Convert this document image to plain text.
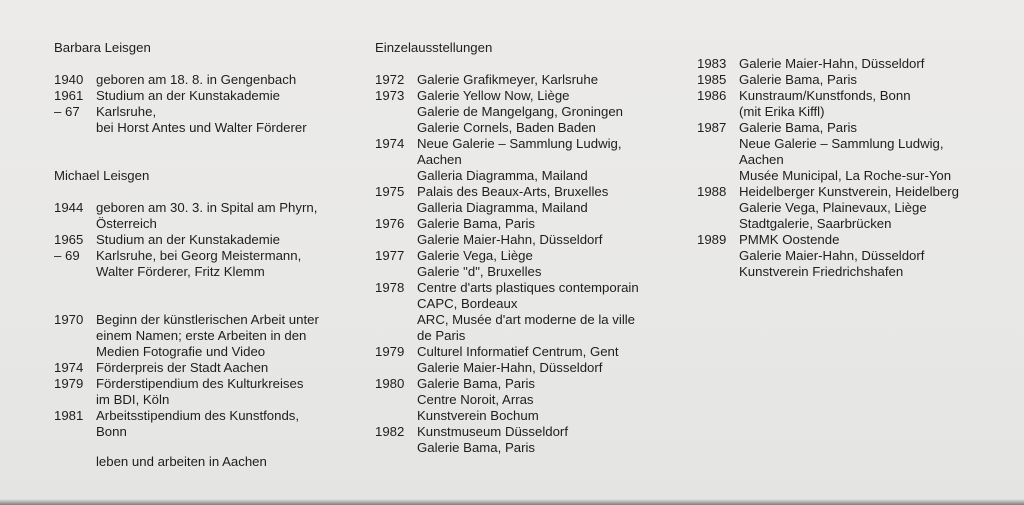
Barbara Leisgen
1940 geboren am 18. 8. in Gengenbach
1961 Studium an der Kunstakademie
– 67	Karlsruhe,
bei Horst Antes und Walter Förderer
Michael Leisgen
1944 geboren am 30. 3. in Spital am Phyrn,
Österreich
1965 Studium an der Kunstakademie
– 69	Karlsruhe, bei Georg Meistermann,
Walter Förderer, Fritz Klemm
1970 Beginn der künstlerischen Arbeit unter
einem Namen; erste Arbeiten in den
Medien Fotografie und Video
1974 Förderpreis der Stadt Aachen
1979 Förderstipendium des Kulturkreises
im BDI, Köln
1981 Arbeitsstipendium des Kunstfonds,
Bonn
leben und arbeiten in Aachen
Einzelausstellungen
1972 Galerie Grafikmeyer, Karlsruhe
1973 Galerie Yellow Now, Liège
Galerie de Mangelgang, Groningen
Galerie Cornels, Baden Baden
1974 Neue Galerie – Sammlung Ludwig,
Aachen
Galleria Diagramma, Mailand
1975 Palais des Beaux-Arts, Bruxelles
Galleria Diagramma, Mailand
1976 Galerie Bama, Paris
Galerie Maier-Hahn, Düsseldorf
1977 Galerie Vega, Liège
Galerie "d", Bruxelles
1978 Centre d'arts plastiques contemporain
CAPC, Bordeaux
ARC, Musée d'art moderne de la ville
de Paris
1979 Culturel Informatief Centrum, Gent
Galerie Maier-Hahn, Düsseldorf
1980 Galerie Bama, Paris
Centre Noroit, Arras
Kunstverein Bochum
1982 Kunstmuseum Düsseldorf
Galerie Bama, Paris
1983 Galerie Maier-Hahn, Düsseldorf
1985 Galerie Bama, Paris
1986 Kunstraum/Kunstfonds, Bonn
(mit Erika Kiffl)
1987 Galerie Bama, Paris
Neue Galerie – Sammlung Ludwig,
Aachen
Musée Municipal, La Roche-sur-Yon
1988 Heidelberger Kunstverein, Heidelberg
Galerie Vega, Plainevaux, Liège
Stadtgalerie, Saarbrücken
1989 PMMK Oostende
Galerie Maier-Hahn, Düsseldorf
Kunstverein Friedrichshafen
